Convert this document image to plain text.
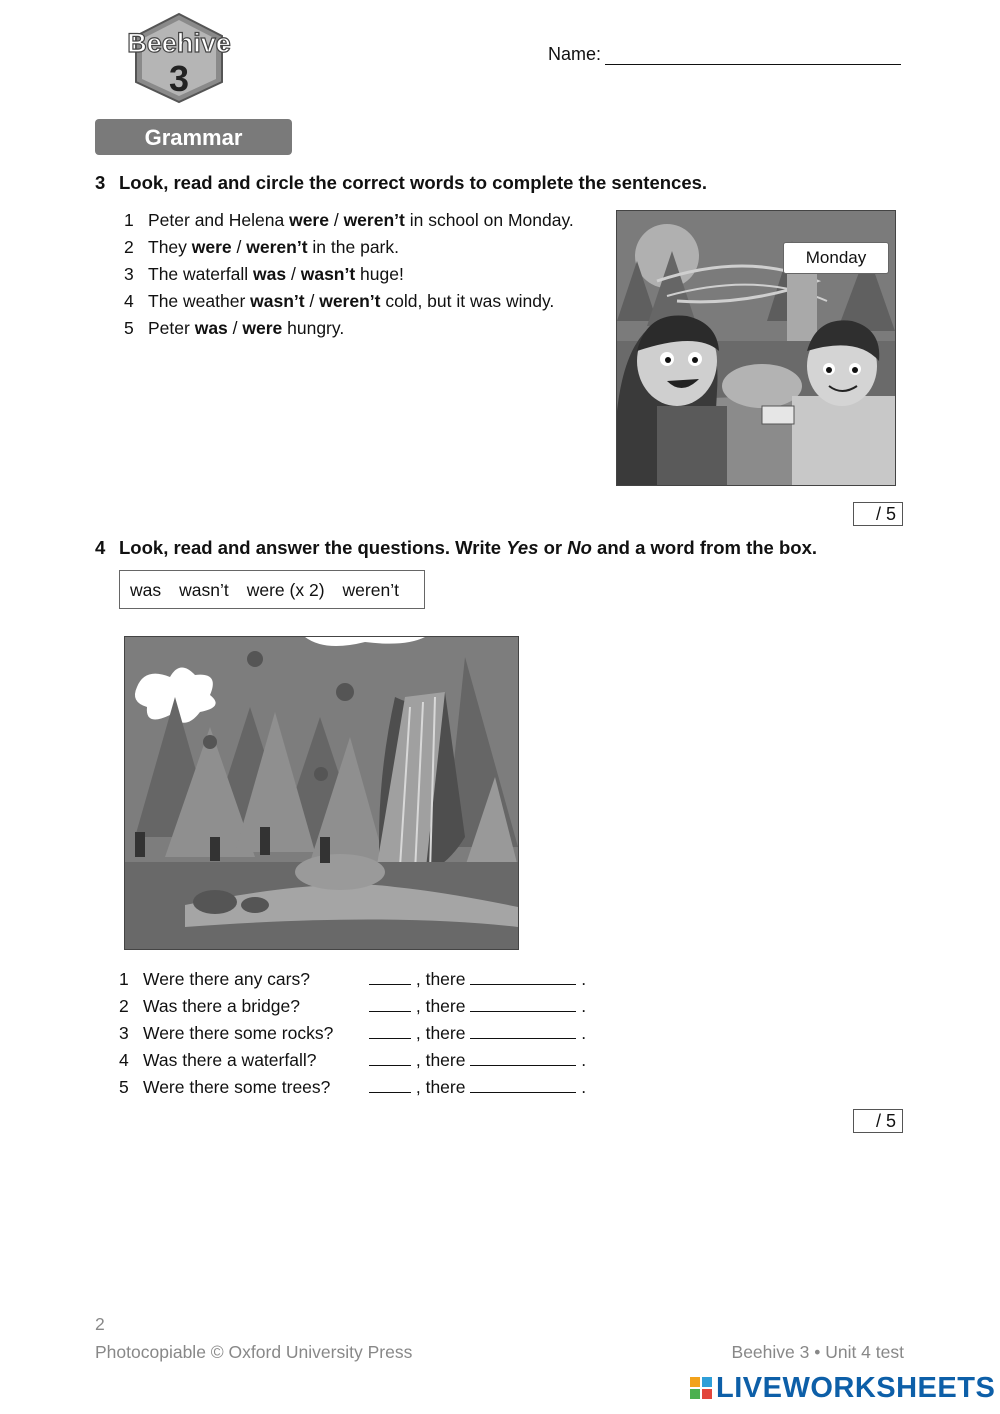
Beehive
3
Name:
Grammar
3 Look, read and circle the correct words to complete the sentences.
1 Peter and Helena were / weren’t in school on Monday.
2 They were / weren’t in the park.
3 The waterfall was / wasn’t huge!
4 The weather wasn’t / weren’t cold, but it was windy.
5 Peter was / were hungry.
Monday
/ 5
4 Look, read and answer the questions. Write Yes or No and a word from the box.
was wasn’t were (x 2) weren’t
1 Were there any cars?	, there	.
2 Was there a bridge?	, there	.
3 Were there some rocks?	, there	.
4 Was there a waterfall?	, there	.
5 Were there some trees?	, there	.
/ 5
2
Photocopiable © Oxford University Press	Beehive 3 • Unit 4 test
LIVEWORKSHEETS
